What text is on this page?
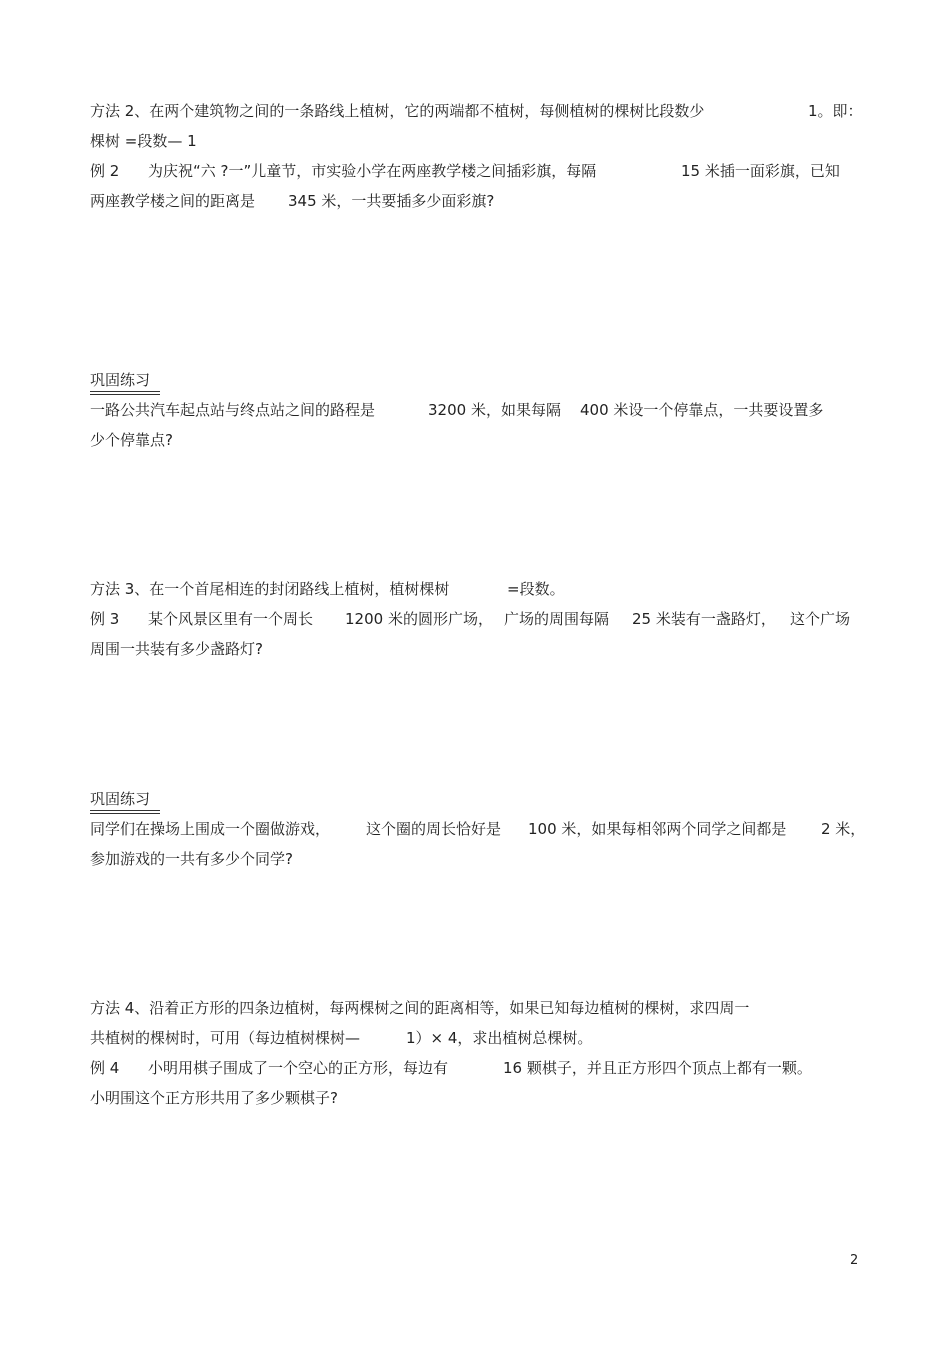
方法 2、在两个建筑物之间的一条路线上植树，它的两端都不植树，每侧植树的棵树比段数少	1。即：
棵树 =段数— 1
例 2 为庆祝“六 ?一”儿童节，市实验小学在两座教学楼之间插彩旗，每隔	15 米插一面彩旗，已知
两座教学楼之间的距离是 345 米，一共要插多少面彩旗?
巩固练习
一路公共汽车起点站与终点站之间的路程是	3200 米，如果每隔 400 米设一个停靠点，一共要设置多
少个停靠点?
方法 3、在一个首尾相连的封闭路线上植树，植树棵树	=段数。
例 3 某个风景区里有一个周长 1200 米的圆形广场， 广场的周围每隔 25 米装有一盏路灯， 这个广场
周围一共装有多少盏路灯?
巩固练习
同学们在操场上围成一个圈做游戏， 这个圈的周长恰好是 100 米，如果每相邻两个同学之间都是 2 米，
参加游戏的一共有多少个同学?
方法 4、沿着正方形的四条边植树，每两棵树之间的距离相等，如果已知每边植树的棵树，求四周一
共植树的棵树时，可用（每边植树棵树—	1）× 4，求出植树总棵树。
例 4 小明用棋子围成了一个空心的正方形，每边有	16 颗棋子，并且正方形四个顶点上都有一颗。
小明围这个正方形共用了多少颗棋子?
2
